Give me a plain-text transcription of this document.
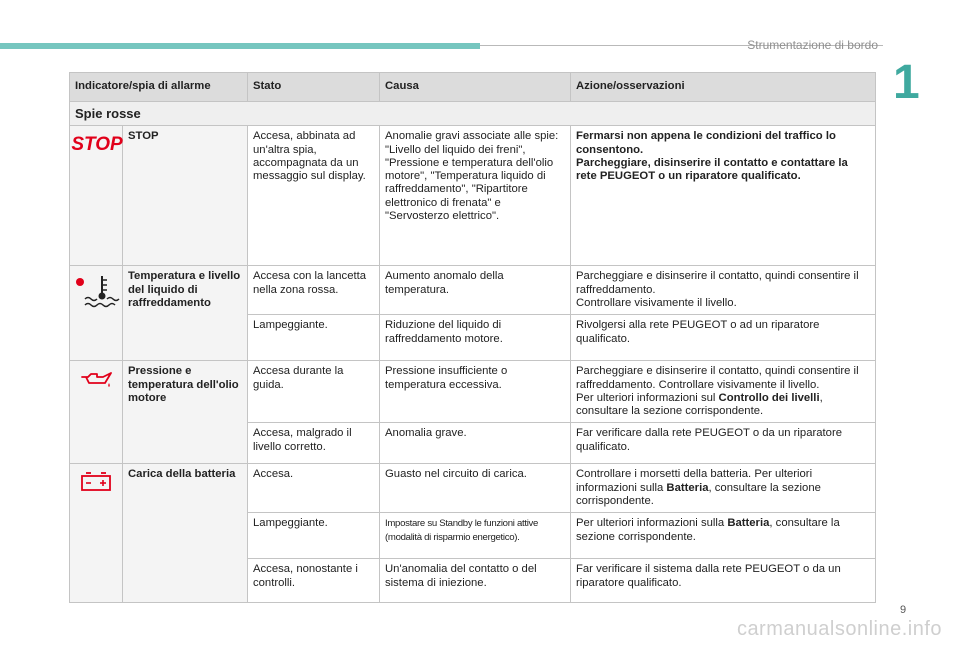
Strumentazione di bordo
1
Indicatore/spia di allarme		Stato	Causa	Azione/osservazioni
Spie rosse				

STOP	STOP	Accesa, abbinata ad un'altra spia, accompagnata da un messaggio sul display.	Anomalie gravi associate alle spie: "Livello del liquido dei freni", "Pressione e temperatura dell'olio motore", "Temperatura liquido di raffreddamento", "Ripartitore elettronico di frenata" e "Servosterzo elettrico".	Fermarsi non appena le condizioni del traffico lo consentono.
Parcheggiare, disinserire il contatto e contattare la rete PEUGEOT o un riparatore qualificato.

	Temperatura e livello del liquido di raffreddamento	Accesa con la lancetta nella zona rossa.	Aumento anomalo della temperatura.	Parcheggiare e disinserire il contatto, quindi consentire il raffreddamento.
Controllare visivamente il livello.

		Lampeggiante.	Riduzione del liquido di raffreddamento motore.	Rivolgersi alla rete PEUGEOT o ad un riparatore qualificato.
	Pressione e temperatura dell'olio motore	Accesa durante la guida.	Pressione insufficiente o temperatura eccessiva.	Parcheggiare e disinserire il contatto, quindi consentire il raffreddamento. Controllare visivamente il livello.
Per ulteriori informazioni sul Controllo dei livelli, consultare la sezione corrispondente.
		Accesa, malgrado il livello corretto.	Anomalia grave.	Far verificare dalla rete PEUGEOT o da un riparatore qualificato.
	Carica della batteria	Accesa.	Guasto nel circuito di carica.	Controllare i morsetti della batteria. Per ulteriori informazioni sulla Batteria, consultare la sezione corrispondente.
		Lampeggiante.	Impostare su Standby le funzioni attive (modalità di risparmio energetico).	Per ulteriori informazioni sulla Batteria, consultare la sezione corrispondente.
		Accesa, nonostante i controlli.	Un'anomalia del contatto o del sistema di iniezione.	Far verificare il sistema dalla rete PEUGEOT o da un riparatore qualificato.
9
carmanualsonline.info
